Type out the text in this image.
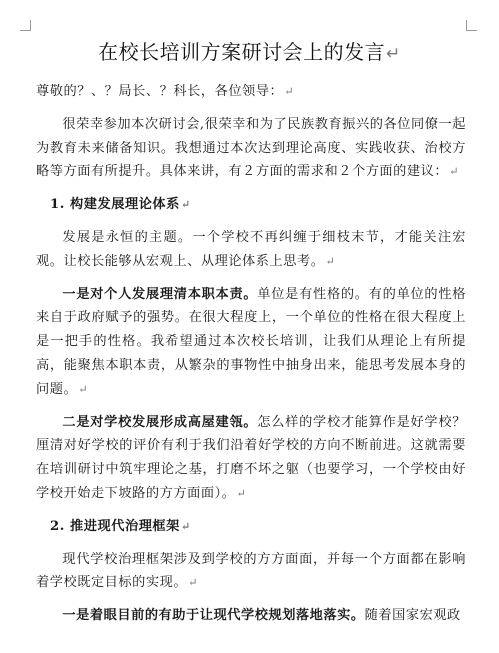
在校长培训方案研讨会上的发言↵

尊敬的？、？局长、？科长，各位领导：↵

很荣幸参加本次研讨会,很荣幸和为了民族教育振兴的各位同僚一起为教育未来储备知识。我想通过本次达到理论高度、实践收获、治校方略等方面有所提升。具体来讲，有２方面的需求和２个方面的建议：↵

1. 构建发展理论体系↵

发展是永恒的主题。一个学校不再纠缠于细枝末节，才能关注宏观。让校长能够从宏观上、从理论体系上思考。↵

一是对个人发展理清本职本责。单位是有性格的。有的单位的性格来自于政府赋予的强势。在很大程度上，一个单位的性格在很大程度上是一把手的性格。我希望通过本次校长培训，让我们从理论上有所提高，能聚焦本职本责，从繁杂的事物性中抽身出来，能思考发展本身的问题。↵

二是对学校发展形成高屋建瓴。怎么样的学校才能算作是好学校？厘清对好学校的评价有利于我们沿着好学校的方向不断前进。这就需要在培训研讨中筑牢理论之基，打磨不坏之躯（也要学习，一个学校由好学校开始走下坡路的方方面面）。↵

2. 推进现代治理框架↵

现代学校治理框架涉及到学校的方方面面，并每一个方面都在影响着学校既定目标的实现。↵

一是着眼目前的有助于让现代学校规划落地落实。随着国家宏观政
